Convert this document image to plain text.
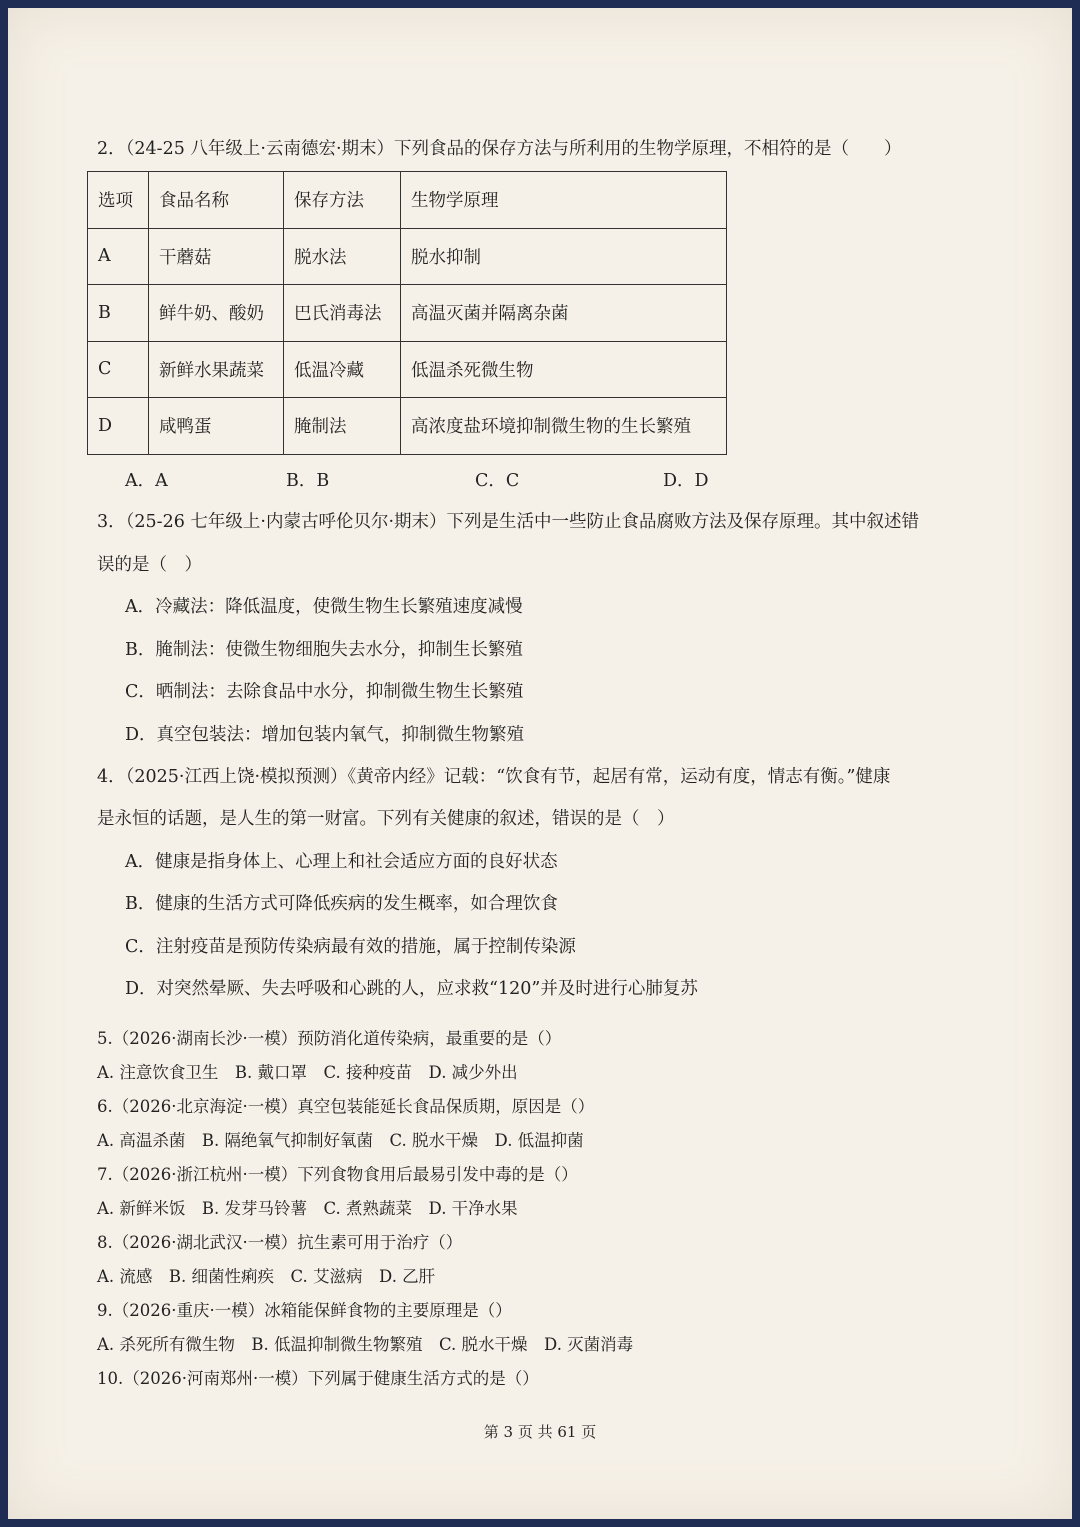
2．（24-25 八年级上·云南德宏·期末）下列食品的保存方法与所利用的生物学原理，不相符的是（　　）
选项	食品名称	保存方法	生物学原理
A	干蘑菇	脱水法	脱水抑制
B	鲜牛奶、酸奶	巴氏消毒法	高温灭菌并隔离杂菌
C	新鲜水果蔬菜	低温冷藏	低温杀死微生物
D	咸鸭蛋	腌制法	高浓度盐环境抑制微生物的生长繁殖
A．A	B．B	C．C	D．D
3．（25-26 七年级上·内蒙古呼伦贝尔·期末）下列是生活中一些防止食品腐败方法及保存原理。其中叙述错
误的是（　）
A．冷藏法：降低温度，使微生物生长繁殖速度减慢
B．腌制法：使微生物细胞失去水分，抑制生长繁殖
C．晒制法：去除食品中水分，抑制微生物生长繁殖
D．真空包装法：增加包装内氧气，抑制微生物繁殖
4．（2025·江西上饶·模拟预测）《黄帝内经》记载：“饮食有节，起居有常，运动有度，情志有衡。”健康
是永恒的话题，是人生的第一财富。下列有关健康的叙述，错误的是（　）
A．健康是指身体上、心理上和社会适应方面的良好状态
B．健康的生活方式可降低疾病的发生概率，如合理饮食
C．注射疫苗是预防传染病最有效的措施，属于控制传染源
D．对突然晕厥、失去呼吸和心跳的人，应求救“120”并及时进行心肺复苏
5.（2026·湖南长沙·一模）预防消化道传染病，最重要的是（）
A. 注意饮食卫生　B. 戴口罩　C. 接种疫苗　D. 减少外出
6.（2026·北京海淀·一模）真空包装能延长食品保质期，原因是（）
A. 高温杀菌　B. 隔绝氧气抑制好氧菌　C. 脱水干燥　D. 低温抑菌
7.（2026·浙江杭州·一模）下列食物食用后最易引发中毒的是（）
A. 新鲜米饭　B. 发芽马铃薯　C. 煮熟蔬菜　D. 干净水果
8.（2026·湖北武汉·一模）抗生素可用于治疗（）
A. 流感　B. 细菌性痢疾　C. 艾滋病　D. 乙肝
9.（2026·重庆·一模）冰箱能保鲜食物的主要原理是（）
A. 杀死所有微生物　B. 低温抑制微生物繁殖　C. 脱水干燥　D. 灭菌消毒
10.（2026·河南郑州·一模）下列属于健康生活方式的是（）
第 3 页 共 61 页
